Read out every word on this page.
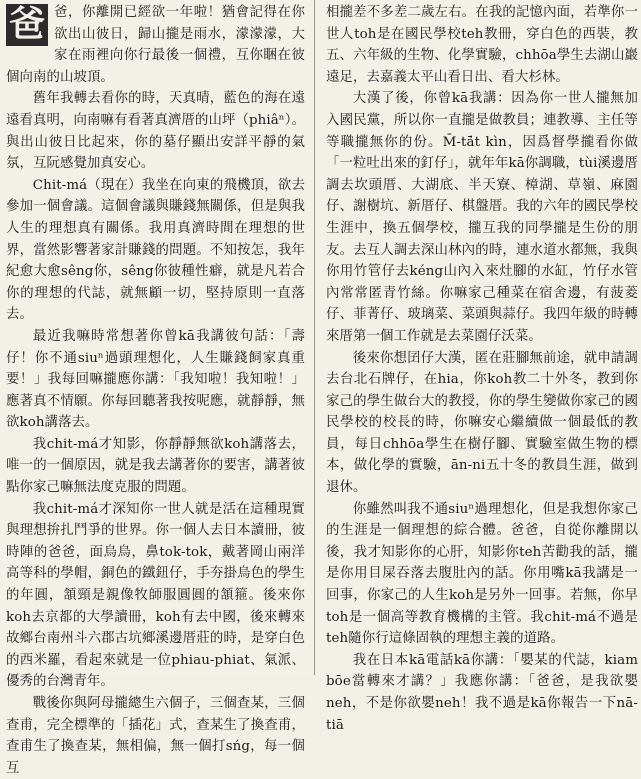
爸 爸，你離開已經欲一年啦！猶會記得在你欲出山彼日，歸山攏是雨水，濛濛濛，大家在雨裡向你行最後一個禮，互你睏在彼個向南的山坡頂。

舊年我轉去看你的時，天真晴，藍色的海在遠遠看真明，向南嘛有看著真濟厝的山坪（phiâⁿ）。與出山彼日比起來，你的墓仔顯出安詳平靜的氣氛，互阮感覺加真安心。

Chit-má（現在）我坐在向東的飛機頂，欲去參加一個會議。這個會議與賺錢無關係，但是與我人生的理想真有關係。我用真濟時間在理想的世界，當然影響著家計賺錢的問題。不知按怎，我年紀愈大愈sêng你，sêng你彼種性癖，就是凡若合你的理想的代誌，就無顧一切，堅持原則一直落去。

最近我嘛時常想著你曾kā我講彼句話：「壽仔！你不通siuⁿ過頭理想化，人生賺錢飼家真重要！」我每回嘛攏應你講：「我知啦！我知啦！」應著真不情願。你每回聽著我按呢應，就靜靜，無欲koh講落去。

我chit-má才知影，你靜靜無欲koh講落去，唯一的一個原因，就是我去講著你的要害，講著彼點你家己嘛無法度克服的問題。

我chit-má才深知你一世人就是活在這種現實與理想拚扎鬥爭的世界。你一個人去日本讀冊，彼時陣的爸爸，面烏烏，鼻tok-tok，戴著岡山兩洋高等科的學帽，銅色的鐵鈕仔，手夯掛烏色的學生的年圓，頷頸是親像牧師服圓圓的頷箍。後來你koh去京都的大學讀冊，koh有去中國，後來轉來故鄉台南州斗六郡古坑鄉溪邊厝莊的時，是穿白色的西米羅，看起來就是一位phiau-phiat、氣派、優秀的台灣青年。

戰後你與阿母攏總生六個子，三個查某，三個查甫，完全標準的「插花」式，查某生了換查甫，查甫生了換查某，無相偏，無一個打sńg，每一個互

相攏差不多差二歲左右。在我的記憶內面，若準你一世人toh是在國民學校teh教冊，穿白色的西裝，教五、六年級的生物、化學實驗，chhōa學生去湖山巖遠足，去嘉義太平山看日出、看大杉林。

大漢了後，你曾kā我講：因為你一世人攏無加入國民黨，所以你一直攏是做教員；連教導、主任等等職攏無你的份。M̄-tā̍t kìn，因爲督學攏看你做「一粒吐出來的釘仔」，就年年kā你調職，tùi溪邊厝調去坎頭厝、大湖底、半天寮、樟湖、草嶺、麻園仔、謝樹坑、新厝仔、棋盤厝。我的六年的國民學校生涯中，換五個學校，攏互我的同學攏是生份的朋友。去互人調去深山林內的時，連水道水都無，我與你用竹管仔去kéng山內入來灶腳的水缸，竹仔水管內常常匿青竹絲。你嘛家己種菜在宿舍邊，有菠菱仔、菲菁仔、玻璃菜、菜頭與蒜仔。我四年級的時轉來厝第一個工作就是去菜園仔沃菜。

後來你想囝仔大漢，匿在莊腳無前途，就申請調去台北石牌仔，在hia，你koh教二十外冬，教到你家己的學生做台大的教授，你的學生變做你家己的國民學校的校長的時，你嘛安心繼續做一個最低的教員，每日chhōa學生在樹仔腳、實驗室做生物的標本，做化學的實驗，ān-ni五十冬的教員生涯，做到退休。

你雖然叫我不通siuⁿ過理想化，但是我想你家己的生涯是一個理想的綜合體。爸爸，自從你離開以後，我才知影你的心肝，知影你teh苦勸我的話，攏是你用目屎吞落去腹肚內的話。你用嘴kā我講是一回事，你家己的人生koh是另外一回事。若無，你早toh是一個高等教育機構的主管。我chit-má不過是teh隨你行這條固執的理想主義的道路。

我在日本kā電話kā你講：「嬰某的代誌，kiam bōe當轉來才講？」我應你講：「爸爸，是我欲嬰neh，不是你欲嬰neh！我不過是kā你報告一下nā-tiā
